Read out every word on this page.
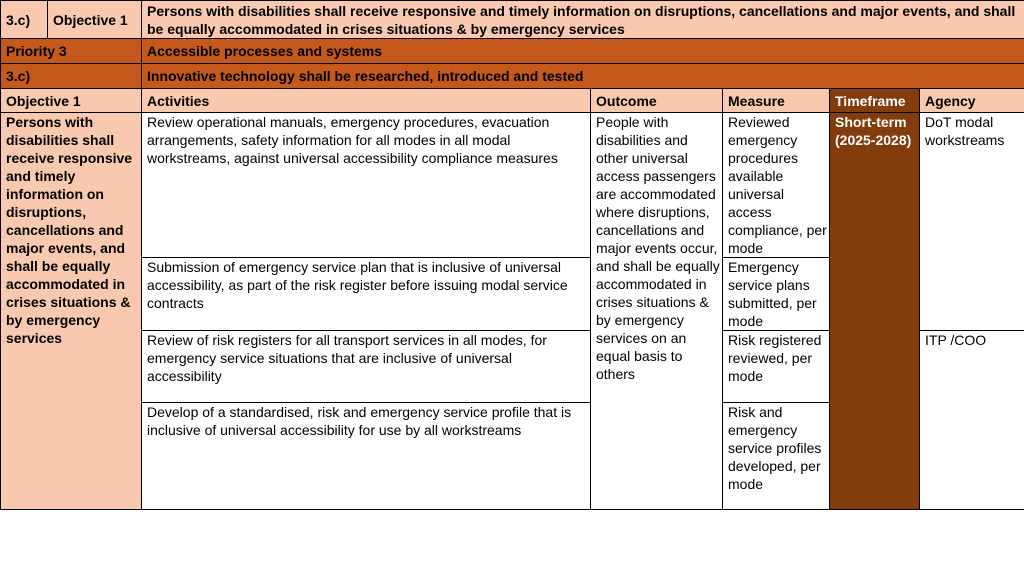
3.c)	Objective 1	Persons with disabilities shall receive responsive and timely information on disruptions, cancellations and major events, and shall be equally accommodated in crises situations & by emergency services				
Priority 3		Accessible processes and systems				
3.c)		Innovative technology shall be researched, introduced and tested				
Objective 1		Activities	Outcome	Measure	Timeframe	Agency
Persons with disabilities shall receive responsive and timely information on disruptions, cancellations and major events, and shall be equally accommodated in crises situations & by emergency services		Review operational manuals, emergency procedures, evacuation arrangements, safety information for all modes in all modal workstreams, against universal accessibility compliance measures	People with disabilities and other universal access passengers are accommodated where disruptions, cancellations and major events occur, and shall be equally accommodated in crises situations & by emergency services on an equal basis to others	Reviewed emergency procedures available universal access compliance, per mode	Short-term (2025-2028)	DoT modal workstreams
		Submission of emergency service plan that is inclusive of universal accessibility, as part of the risk register before issuing modal service contracts		Emergency service plans submitted, per mode		
		Review of risk registers for all transport services in all modes, for emergency service situations that are inclusive of universal accessibility		Risk registered reviewed, per mode		ITP /COO
		Develop of a standardised, risk and emergency service profile that is inclusive of universal accessibility for use by all workstreams		Risk and emergency service profiles developed, per mode		
